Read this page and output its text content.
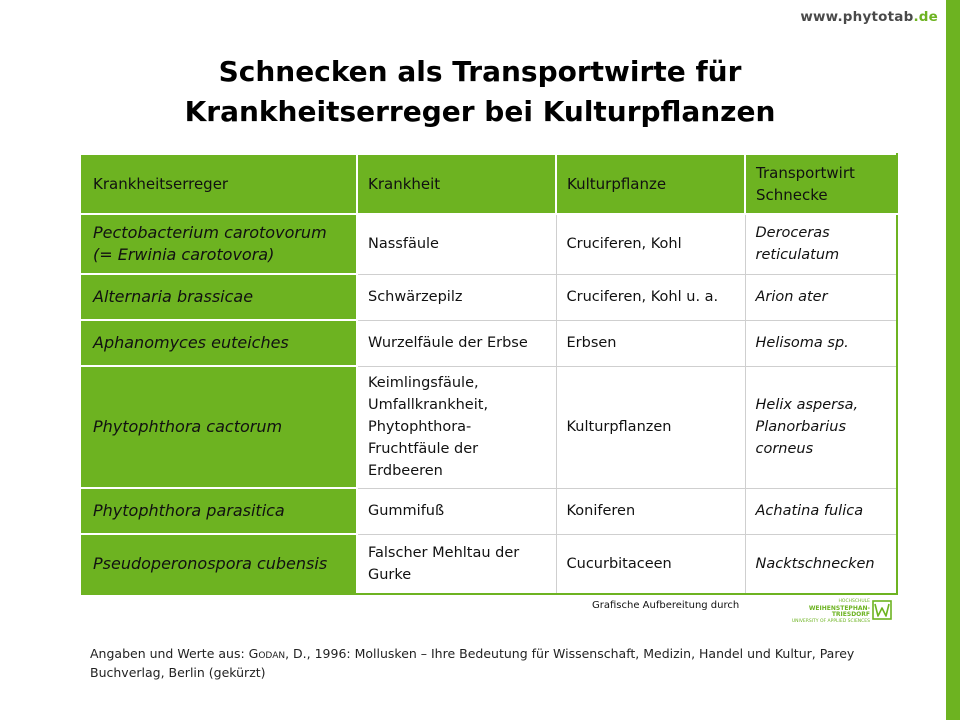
www.phytotab.de
Schnecken als Transportwirte für
Krankheitserreger bei Kulturpflanzen
Krankheitserreger	Krankheit	Kulturpflanze	Transportwirt Schnecke
Pectobacterium carotovorum (= Erwinia carotovora)	Nassfäule	Cruciferen, Kohl	Deroceras reticulatum
Alternaria brassicae	Schwärzepilz	Cruciferen, Kohl u. a.	Arion ater
Aphanomyces euteiches	Wurzelfäule der Erbse	Erbsen	Helisoma sp.
Phytophthora cactorum	Keimlingsfäule, Umfallkrankheit, Phytophthora-Fruchtfäule der Erdbeeren	Kulturpflanzen	Helix aspersa, Planorbarius corneus
Phytophthora parasitica	Gummifuß	Koniferen	Achatina fulica
Pseudoperonospora cubensis	Falscher Mehltau der Gurke	Cucurbitaceen	Nacktschnecken
Grafische Aufbereitung durch	HOCHSCHULE
WEIHENSTEPHAN-TRIESDORF
UNIVERSITY OF APPLIED SCIENCES
Angaben und Werte aus: Godan, D., 1996: Mollusken – Ihre Bedeutung für Wissenschaft, Medizin, Handel und Kultur, Parey Buchverlag, Berlin (gekürzt)
